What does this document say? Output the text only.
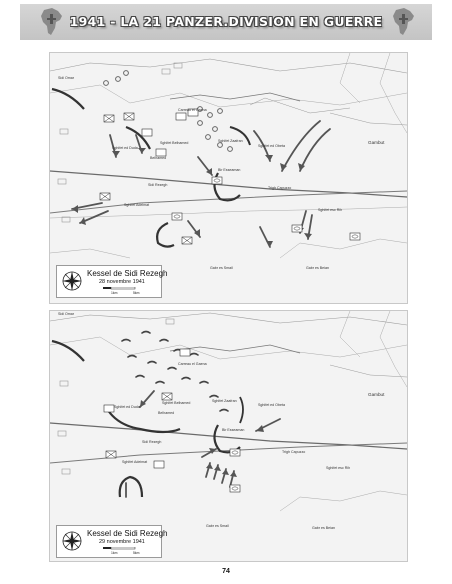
1941 - LA 21 PANZER.DIVISION EN GUERRE
Sidi Omar
Carreau el Gaena
Sghifet Belhamed	Sghifet Zaafran
Sghifet ed Obeta
Sghifet ed Duda
Belhamed
Bir Esseaman
Sidi Rezegh
Trigh Capuzzo
Gambut
Sghifet Adeimat
Sghifet esc Rih
Gabr es Smail	Gabr es Beian
Kessel de Sidi Rezegh
28 novembre 1941
1km	5km
Sidi Omar
Carreau el Gaena
Sghifet Belhamed	Sghifet Zaafran
Sghifet ed Obeta
Sghifet ed Duda
Belhamed
Bir Esseaman
Sidi Rezegh
Trigh Capuzzo
Gambut
Sghifet Adeimat
Sghifet esc Rih
Gabr es Smail	Gabr es Beian
Kessel de Sidi Rezegh
29 novembre 1941
1km	5km
74
